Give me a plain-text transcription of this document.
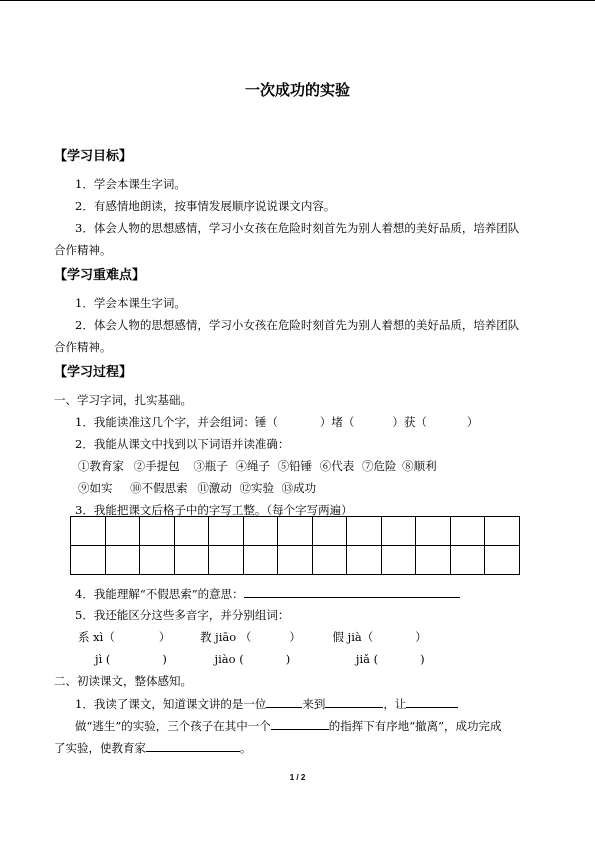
一次成功的实验
【学习目标】
1．学会本课生字词。
2．有感情地朗读，按事情发展顺序说说课文内容。
3．体会人物的思想感情，学习小女孩在危险时刻首先为别人着想的美好品质，培养团队
合作精神。
【学习重难点】
1．学会本课生字词。
2．体会人物的思想感情，学习小女孩在危险时刻首先为别人着想的美好品质，培养团队
合作精神。
【学习过程】
一、学习字词，扎实基础。
1．我能读准这几个字，并会组词：锤（	）堵（	）获（	）
2．我能从课文中找到以下词语并读准确：
①教育家 ②手提包 ③瓶子 ④绳子 ⑤铅锤 ⑥代表 ⑦危险 ⑧顺利
⑨如实 ⑩不假思索 ⑪激动 ⑫实验 ⑬成功
3．我能把课文后格子中的字写工整。（每个字写两遍）

4．我能理解“不假思索”的意思：
5．我还能区分这些多音字，并分别组词：
系 xì（	）	教 jiāo （	）	假 jià（	）
jì (	)	jiào (	)	jiǎ (	)
二、初读课文，整体感知。
1．我读了课文，知道课文讲的是一位	来到	，让
做“逃生”的实验，三个孩子在其中一个	的指挥下有序地“撤离”，成功完成
了实验，使教育家	。
1 / 2
